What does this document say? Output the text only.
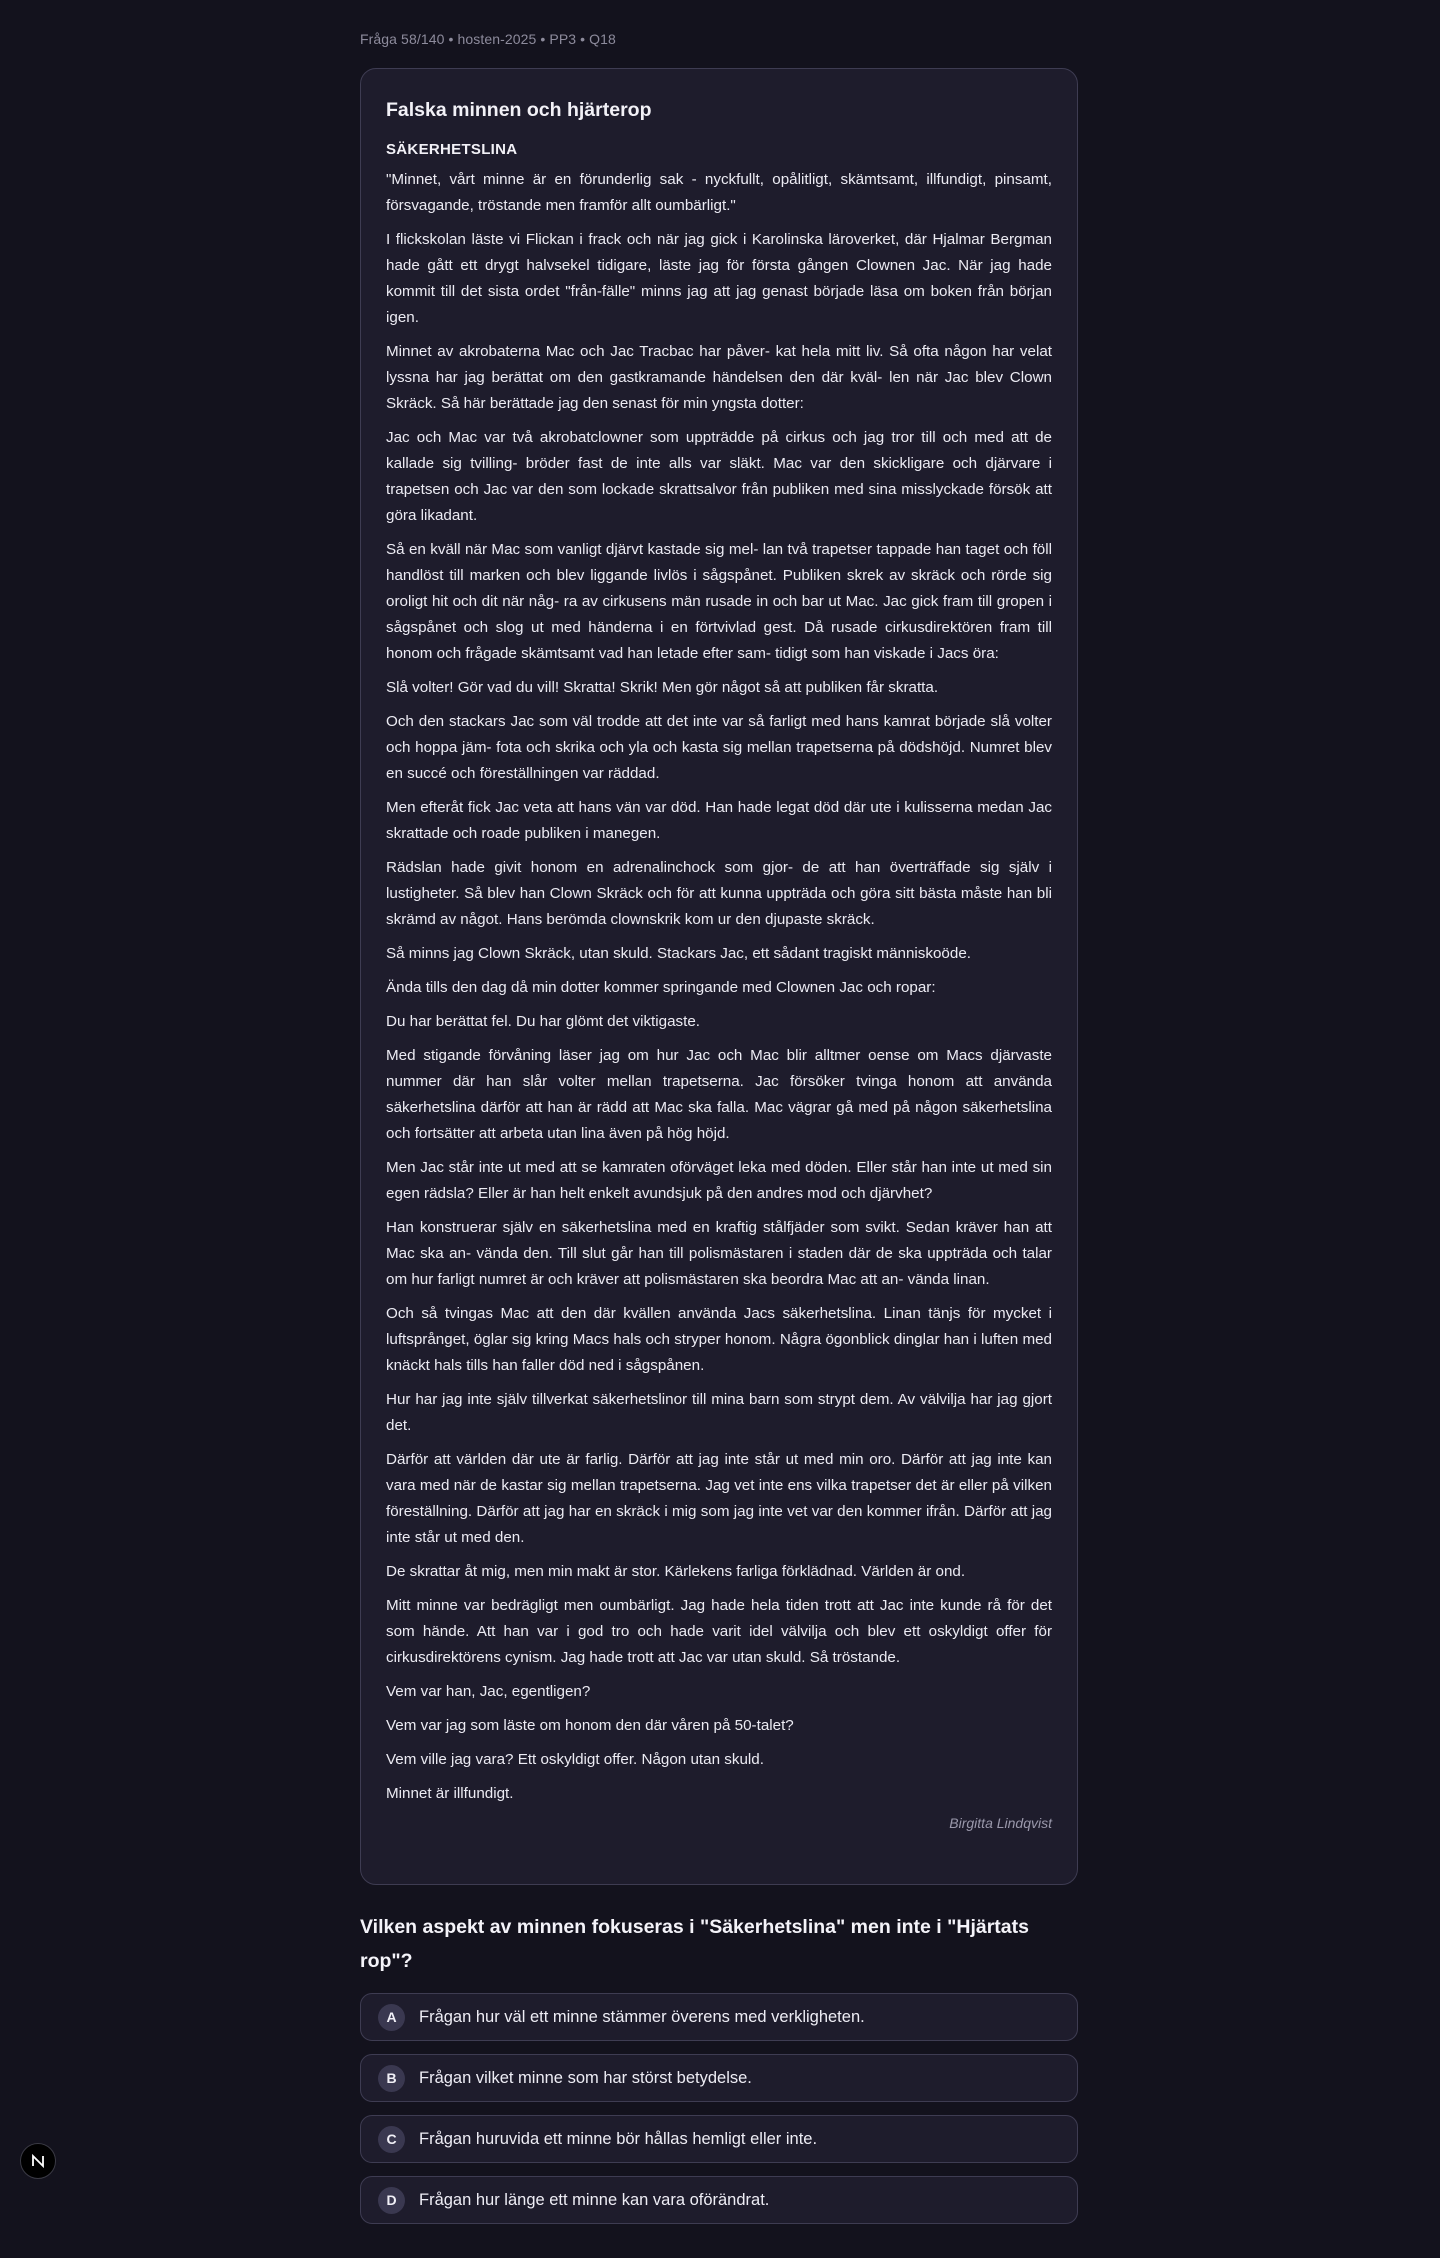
Fråga 58/140 • hosten-2025 • PP3 • Q18
Falska minnen och hjärterop
SÄKERHETSLINA

"Minnet, vårt minne är en förunderlig sak - nyckfullt, opålitligt, skämtsamt, illfundigt, pinsamt, försvagande, tröstande men framför allt oumbärligt."

I flickskolan läste vi Flickan i frack och när jag gick i Karolinska läroverket, där Hjalmar Bergman hade gått ett drygt halvsekel tidigare, läste jag för första gången Clownen Jac. När jag hade kommit till det sista ordet "från-fälle" minns jag att jag genast började läsa om boken från början igen.

Minnet av akrobaterna Mac och Jac Tracbac har påver- kat hela mitt liv. Så ofta någon har velat lyssna har jag berättat om den gastkramande händelsen den där kväl- len när Jac blev Clown Skräck. Så här berättade jag den senast för min yngsta dotter:

Jac och Mac var två akrobatclowner som uppträdde på cirkus och jag tror till och med att de kallade sig tvilling- bröder fast de inte alls var släkt. Mac var den skickligare och djärvare i trapetsen och Jac var den som lockade skrattsalvor från publiken med sina misslyckade försök att göra likadant.

Så en kväll när Mac som vanligt djärvt kastade sig mel- lan två trapetser tappade han taget och föll handlöst till marken och blev liggande livlös i sågspånet. Publiken skrek av skräck och rörde sig oroligt hit och dit när någ- ra av cirkusens män rusade in och bar ut Mac. Jac gick fram till gropen i sågspånet och slog ut med händerna i en förtvivlad gest. Då rusade cirkusdirektören fram till honom och frågade skämtsamt vad han letade efter sam- tidigt som han viskade i Jacs öra:

Slå volter! Gör vad du vill! Skratta! Skrik! Men gör något så att publiken får skratta.

Och den stackars Jac som väl trodde att det inte var så farligt med hans kamrat började slå volter och hoppa jäm- fota och skrika och yla och kasta sig mellan trapetserna på dödshöjd. Numret blev en succé och föreställningen var räddad.

Men efteråt fick Jac veta att hans vän var död. Han hade legat död där ute i kulisserna medan Jac skrattade och roade publiken i manegen.

Rädslan hade givit honom en adrenalinchock som gjor- de att han överträffade sig själv i lustigheter. Så blev han Clown Skräck och för att kunna uppträda och göra sitt bästa måste han bli skrämd av något. Hans berömda clownskrik kom ur den djupaste skräck.

Så minns jag Clown Skräck, utan skuld. Stackars Jac, ett sådant tragiskt människoöde.

Ända tills den dag då min dotter kommer springande med Clownen Jac och ropar:

Du har berättat fel. Du har glömt det viktigaste.

Med stigande förvåning läser jag om hur Jac och Mac blir alltmer oense om Macs djärvaste nummer där han slår volter mellan trapetserna. Jac försöker tvinga honom att använda säkerhetslina därför att han är rädd att Mac ska falla. Mac vägrar gå med på någon säkerhetslina och fortsätter att arbeta utan lina även på hög höjd.

Men Jac står inte ut med att se kamraten oförväget leka med döden. Eller står han inte ut med sin egen rädsla? Eller är han helt enkelt avundsjuk på den andres mod och djärvhet?

Han konstruerar själv en säkerhetslina med en kraftig stålfjäder som svikt. Sedan kräver han att Mac ska an- vända den. Till slut går han till polismästaren i staden där de ska uppträda och talar om hur farligt numret är och kräver att polismästaren ska beordra Mac att an- vända linan.

Och så tvingas Mac att den där kvällen använda Jacs säkerhetslina. Linan tänjs för mycket i luftsprånget, öglar sig kring Macs hals och stryper honom. Några ögonblick dinglar han i luften med knäckt hals tills han faller död ned i sågspånen.

Hur har jag inte själv tillverkat säkerhetslinor till mina barn som strypt dem. Av välvilja har jag gjort det.

Därför att världen där ute är farlig. Därför att jag inte står ut med min oro. Därför att jag inte kan vara med när de kastar sig mellan trapetserna. Jag vet inte ens vilka trapetser det är eller på vilken föreställning. Därför att jag har en skräck i mig som jag inte vet var den kommer ifrån. Därför att jag inte står ut med den.

De skrattar åt mig, men min makt är stor. Kärlekens farliga förklädnad. Världen är ond.

Mitt minne var bedrägligt men oumbärligt. Jag hade hela tiden trott att Jac inte kunde rå för det som hände. Att han var i god tro och hade varit idel välvilja och blev ett oskyldigt offer för cirkusdirektörens cynism. Jag hade trott att Jac var utan skuld. Så tröstande.

Vem var han, Jac, egentligen?

Vem var jag som läste om honom den där våren på 50-talet?

Vem ville jag vara? Ett oskyldigt offer. Någon utan skuld.

Minnet är illfundigt.

Birgitta Lindqvist
Vilken aspekt av minnen fokuseras i "Säkerhetslina" men inte i "Hjärtats rop"?
A	Frågan hur väl ett minne stämmer överens med verkligheten.
B	Frågan vilket minne som har störst betydelse.
C	Frågan huruvida ett minne bör hållas hemligt eller inte.
D	Frågan hur länge ett minne kan vara oförändrat.
